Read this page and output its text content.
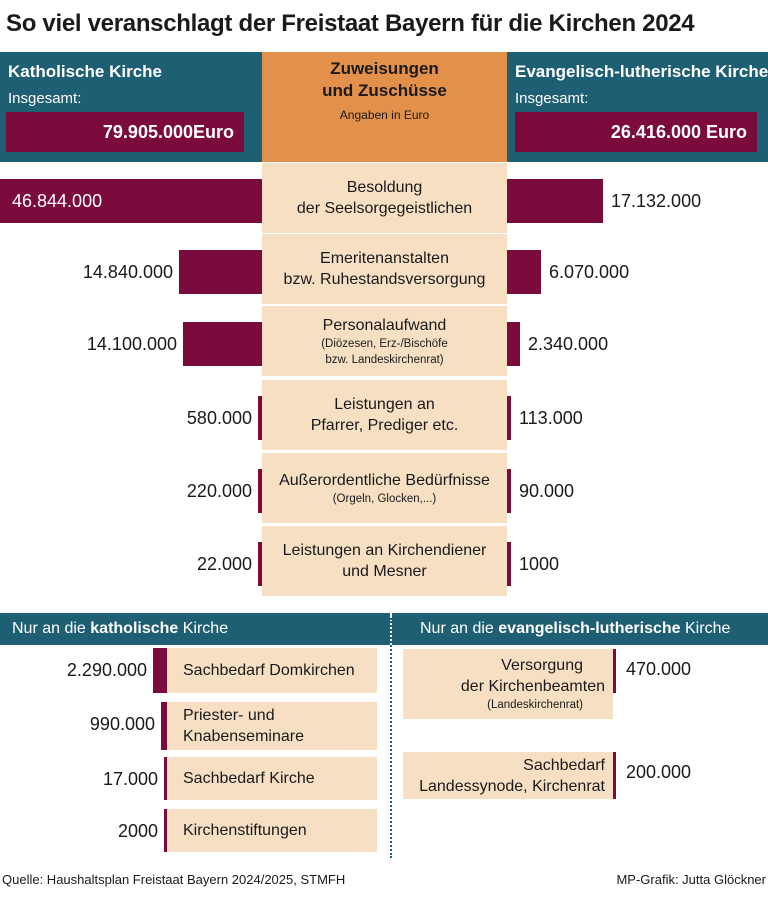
So viel veranschlagt der Freistaat Bayern für die Kirchen 2024
Katholische Kirche
Insgesamt:
79.905.000Euro
Zuweisungen
und Zuschüsse
Angaben in Euro
Evangelisch-lutherische Kirche
Insgesamt:
26.416.000 Euro
Besoldung
der Seelsorgegeistlichen
46.844.000	17.132.000
Emeritenanstalten
bzw. Ruhestandsversorgung
14.840.000	6.070.000
Personalaufwand
(Diözesen, Erz-/Bischöfe
bzw. Landeskirchenrat)
14.100.000	2.340.000
Leistungen an
Pfarrer, Prediger etc.
580.000	113.000
Außerordentliche Bedürfnisse
(Orgeln, Glocken,...)
220.000	90.000
Leistungen an Kirchendiener
und Mesner
22.000	1000
Nur an die katholische Kirche	Nur an die evangelisch-lutherische Kirche
Sachbedarf Domkirchen
2.290.000
Priester- und
Knabenseminare
990.000
Sachbedarf Kirche
17.000
Kirchenstiftungen
2000
Versorgung
der Kirchenbeamten
(Landeskirchenrat)
470.000
Sachbedarf
Landessynode, Kirchenrat
200.000
Quelle: Haushaltsplan Freistaat Bayern 2024/2025, STMFH	MP-Grafik: Jutta Glöckner
